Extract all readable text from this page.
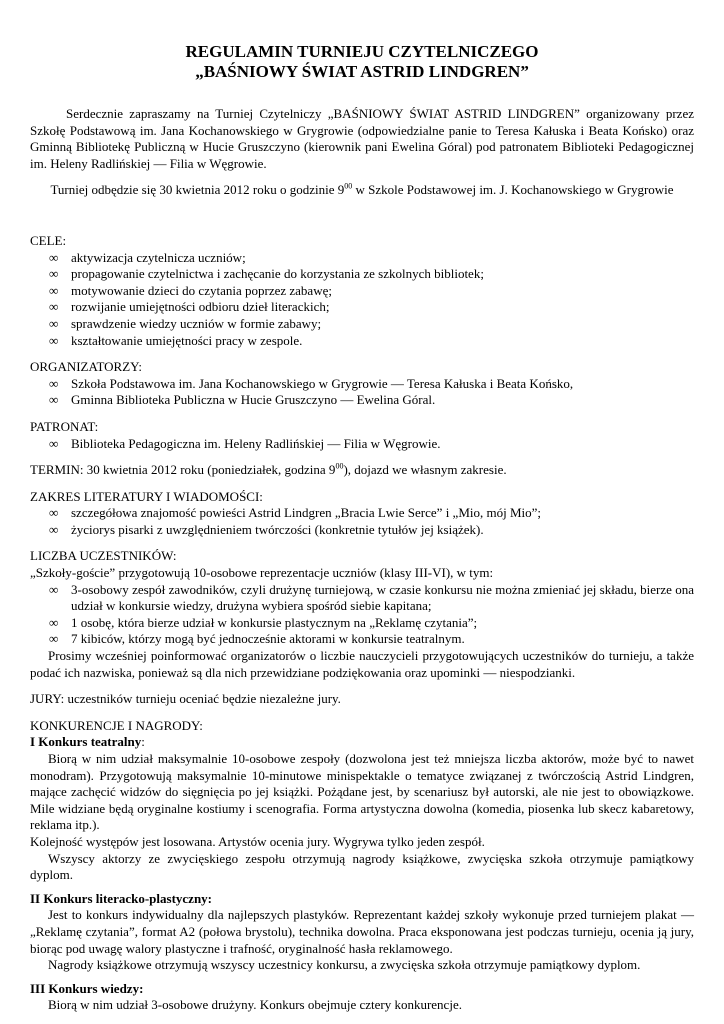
REGULAMIN TURNIEJU CZYTELNICZEGO

„BAŚNIOWY ŚWIAT ASTRID LINDGREN”

Serdecznie zapraszamy na Turniej Czytelniczy „BAŚNIOWY ŚWIAT ASTRID LINDGREN” organizowany przez Szkołę Podstawową im. Jana Kochanowskiego w Grygrowie (odpowiedzialne panie to Teresa Kałuska i Beata Końsko) oraz Gminną Bibliotekę Publiczną w Hucie Gruszczyno (kierownik pani Ewelina Góral) pod patronatem Biblioteki Pedagogicznej im. Heleny Radlińskiej — Filia w Węgrowie.

Turniej odbędzie się 30 kwietnia 2012 roku o godzinie $9^{00}$ w Szkole Podstawowej im. J. Kochanowskiego w Grygrowie

CELE:

∞ aktywizacja czytelnicza uczniów;
∞ propagowanie czytelnictwa i zachęcanie do korzystania ze szkolnych bibliotek;
∞ motywowanie dzieci do czytania poprzez zabawę;
∞ rozwijanie umiejętności odbioru dzieł literackich;
∞ sprawdzenie wiedzy uczniów w formie zabawy;
∞ kształtowanie umiejętności pracy w zespole.

ORGANIZATORZY:

∞ Szkoła Podstawowa im. Jana Kochanowskiego w Grygrowie — Teresa Kałuska i Beata Końsko,
∞ Gminna Biblioteka Publiczna w Hucie Gruszczyno — Ewelina Góral.

PATRONAT:

∞ Biblioteka Pedagogiczna im. Heleny Radlińskiej — Filia w Węgrowie.

TERMIN: 30 kwietnia 2012 roku (poniedziałek, godzina $9^{00}$), dojazd we własnym zakresie.

ZAKRES LITERATURY I WIADOMOŚCI:

∞ szczegółowa znajomość powieści Astrid Lindgren „Bracia Lwie Serce” i „Mio, mój Mio”;
∞ życiorys pisarki z uwzględnieniem twórczości (konkretnie tytułów jej książek).

LICZBA UCZESTNIKÓW:

„Szkoły-goście” przygotowują 10-osobowe reprezentacje uczniów (klasy III-VI), w tym:

∞ 3-osobowy zespół zawodników, czyli drużynę turniejową, w czasie konkursu nie można zmieniać jej składu, bierze ona udział w konkursie wiedzy, drużyna wybiera spośród siebie kapitana;
∞ 1 osobę, która bierze udział w konkursie plastycznym na „Reklamę czytania”;
∞ 7 kibiców, którzy mogą być jednocześnie aktorami w konkursie teatralnym.

Prosimy wcześniej poinformować organizatorów o liczbie nauczycieli przygotowujących uczestników do turnieju, a także podać ich nazwiska, ponieważ są dla nich przewidziane podziękowania oraz upominki — niespodzianki.

JURY: uczestników turnieju oceniać będzie niezależne jury.

KONKURENCJE I NAGRODY:

I Konkurs teatralny:

Biorą w nim udział maksymalnie 10-osobowe zespoły (dozwolona jest też mniejsza liczba aktorów, może być to nawet monodram). Przygotowują maksymalnie 10-minutowe minispektakle o tematyce związanej z twórczością Astrid Lindgren, mające zachęcić widzów do sięgnięcia po jej książki. Pożądane jest, by scenariusz był autorski, ale nie jest to obowiązkowe. Mile widziane będą oryginalne kostiumy i scenografia. Forma artystyczna dowolna (komedia, piosenka lub skecz kabaretowy, reklama itp.).

Kolejność występów jest losowana. Artystów ocenia jury. Wygrywa tylko jeden zespół.

Wszyscy aktorzy ze zwycięskiego zespołu otrzymują nagrody książkowe, zwycięska szkoła otrzymuje pamiątkowy dyplom.

II Konkurs literacko-plastyczny:

Jest to konkurs indywidualny dla najlepszych plastyków. Reprezentant każdej szkoły wykonuje przed turniejem plakat — „Reklamę czytania”, format A2 (połowa brystolu), technika dowolna. Praca eksponowana jest podczas turnieju, ocenia ją jury, biorąc pod uwagę walory plastyczne i trafność, oryginalność hasła reklamowego.

Nagrody książkowe otrzymują wszyscy uczestnicy konkursu, a zwycięska szkoła otrzymuje pamiątkowy dyplom.

III Konkurs wiedzy:

Biorą w nim udział 3-osobowe drużyny. Konkurs obejmuje cztery konkurencje.
